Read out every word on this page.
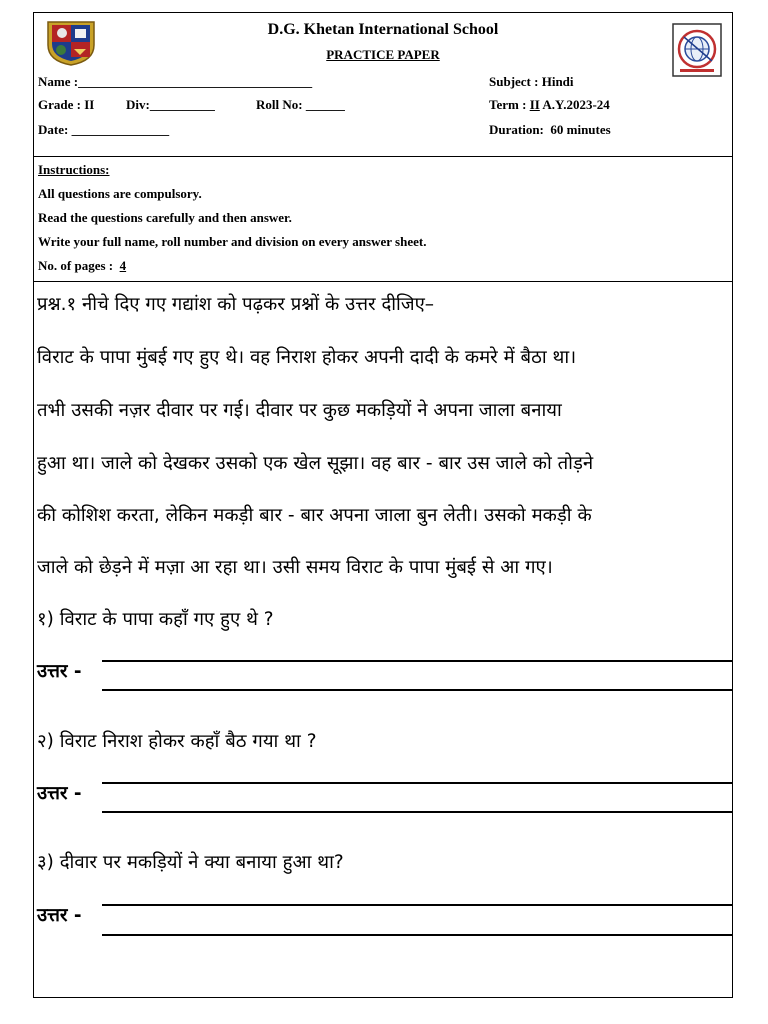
D.G. Khetan International School
PRACTICE PAPER
Name :____________________________________	Subject : Hindi
Grade : II Div:__________	Roll No: ______	Term : II A.Y.2023-24
Date: _______________	Duration: 60 minutes
Instructions:
All questions are compulsory.
Read the questions carefully and then answer.
Write your full name, roll number and division on every answer sheet.
No. of pages : 4
प्रश्न.१ नीचे दिए गए गद्यांश को पढ़कर प्रश्नों के उत्तर दीजिए–
विराट के पापा मुंबई गए हुए थे। वह निराश होकर अपनी दादी के कमरे में बैठा था।
तभी उसकी नज़र दीवार पर गई। दीवार पर कुछ मकड़ियों ने अपना जाला बनाया
हुआ था। जाले को देखकर उसको एक खेल सूझा। वह बार - बार उस जाले को तोड़ने
की कोशिश करता, लेकिन मकड़ी बार - बार अपना जाला बुन लेती। उसको मकड़ी के
जाले को छेड़ने में मज़ा आ रहा था। उसी समय विराट के पापा मुंबई से आ गए।
१) विराट के पापा कहाँ गए हुए थे ?
उत्तर -
२) विराट निराश होकर कहाँ बैठ गया था ?
उत्तर -
३) दीवार पर मकड़ियों ने क्या बनाया हुआ था?
उत्तर -
